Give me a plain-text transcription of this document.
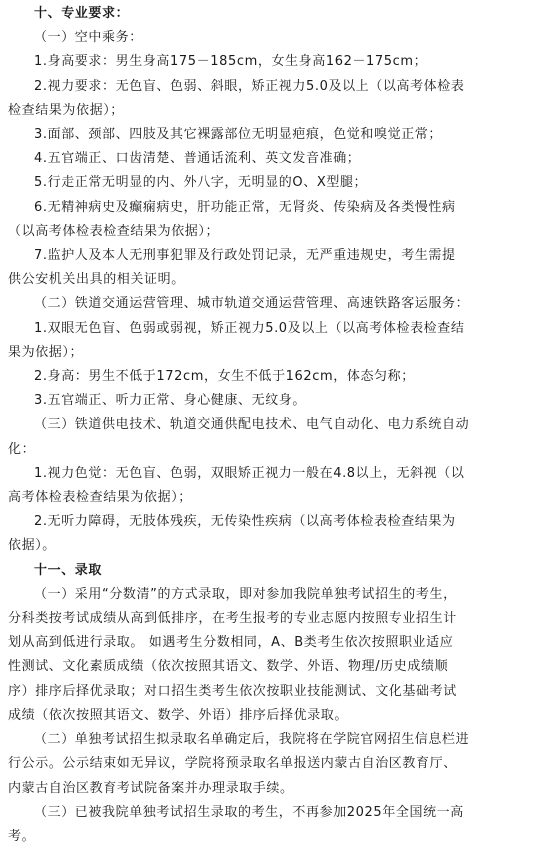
十、专业要求：
（一）空中乘务：
1.身高要求：男生身高175－185cm，女生身高162－175cm；
2.视力要求：无色盲、色弱、斜眼，矫正视力5.0及以上（以高考体检表
检查结果为依据）；
3.面部、颈部、四肢及其它裸露部位无明显疤痕，色觉和嗅觉正常；
4.五官端正、口齿清楚、普通话流利、英文发音准确；
5.行走正常无明显的内、外八字，无明显的O、X型腿；
6.无精神病史及癫痫病史，肝功能正常，无肾炎、传染病及各类慢性病
（以高考体检表检查结果为依据）；
7.监护人及本人无刑事犯罪及行政处罚记录，无严重违规史，考生需提
供公安机关出具的相关证明。
（二）铁道交通运营管理、城市轨道交通运营管理、高速铁路客运服务：
1.双眼无色盲、色弱或弱视，矫正视力5.0及以上（以高考体检表检查结
果为依据）；
2.身高：男生不低于172cm，女生不低于162cm，体态匀称；
3.五官端正、听力正常、身心健康、无纹身。
（三）铁道供电技术、轨道交通供配电技术、电气自动化、电力系统自动
化：
1.视力色觉：无色盲、色弱，双眼矫正视力一般在4.8以上，无斜视（以
高考体检表检查结果为依据）；
2.无听力障碍，无肢体残疾，无传染性疾病（以高考体检表检查结果为
依据）。
十一、录取
（一）采用“分数清”的方式录取，即对参加我院单独考试招生的考生，
分科类按考试成绩从高到低排序，在考生报考的专业志愿内按照专业招生计
划从高到低进行录取。 如遇考生分数相同，A、B类考生依次按照职业适应
性测试、文化素质成绩（依次按照其语文、数学、外语、物理/历史成绩顺
序）排序后择优录取；对口招生类考生依次按职业技能测试、文化基础考试
成绩（依次按照其语文、数学、外语）排序后择优录取。
（二）单独考试招生拟录取名单确定后，我院将在学院官网招生信息栏进
行公示。公示结束如无异议，学院将预录取名单报送内蒙古自治区教育厅、
内蒙古自治区教育考试院备案并办理录取手续。
（三）已被我院单独考试招生录取的考生，不再参加2025年全国统一高
考。
